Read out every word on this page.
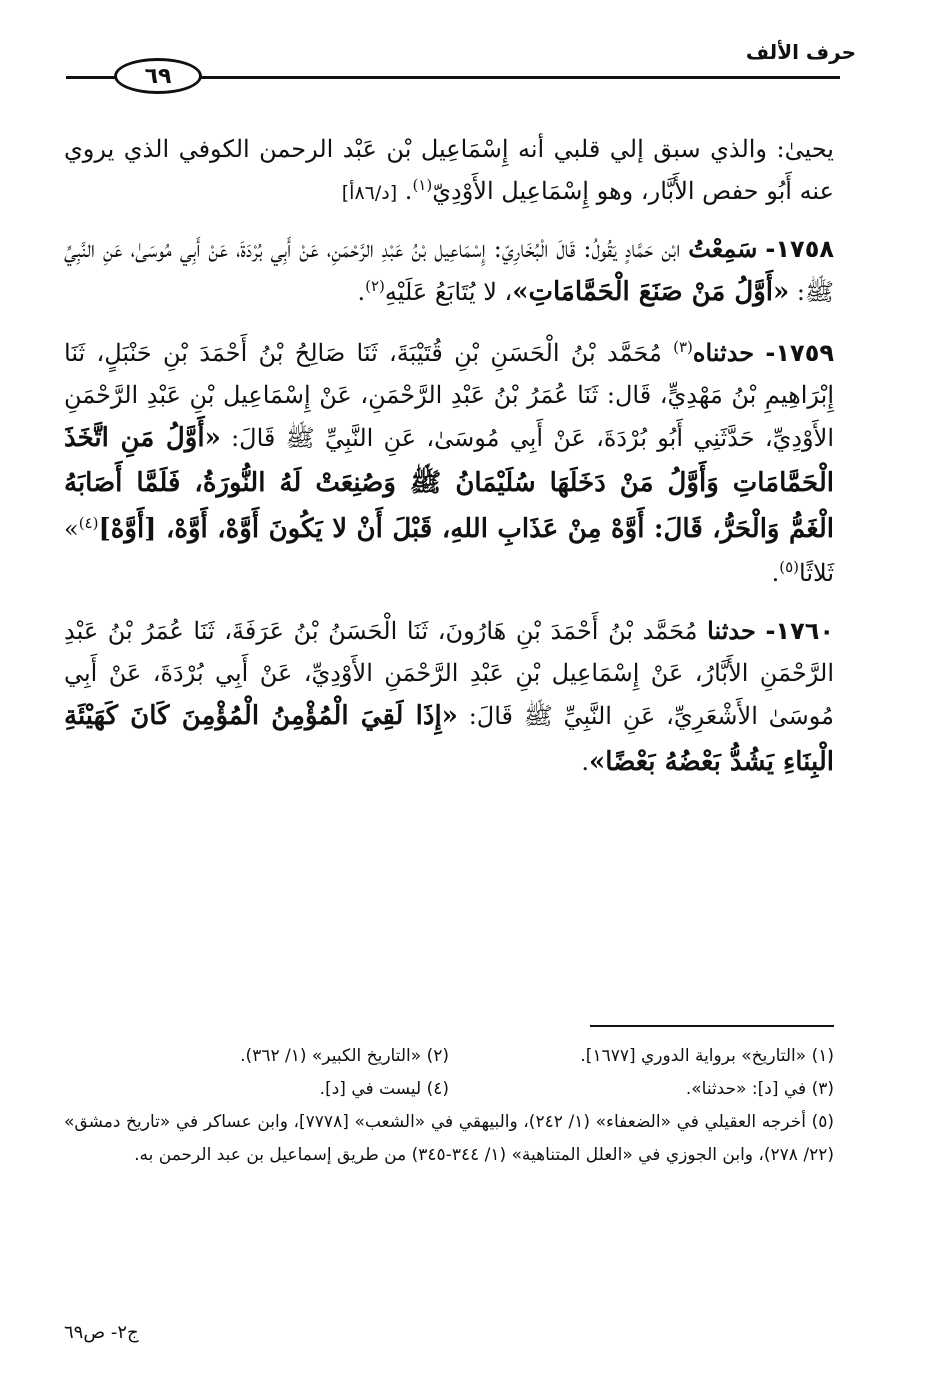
حرف الألف
٦٩

يحيىٰ: والذي سبق إلي قلبي أنه إِسْمَاعِيل بْن عَبْد الرحمن الكوفي الذي يروي عنه أَبُو حفص الأَبَّار، وهو إِسْمَاعِيل الأَوْدِيّ$^{(١)}$. [د/٨٦أ]

١٧٥٨- سَمِعْتُ ابْن حَمَّادٍ يَقُولُ: قَالَ الْبُخَارِيّ: إِسْمَاعِيل بْنُ عَبْدِ الرَّحْمَنِ، عَنْ أَبِي بُرْدَةَ، عَنْ أَبِي مُوسَىٰ، عَنِ النَّبِيِّ ﷺ: «أَوَّلُ مَنْ صَنَعَ الْحَمَّامَاتِ»، لا يُتَابَعُ عَلَيْهِ$^{(٢)}$.

١٧٥٩- حدثناه$^{(٣)}$ مُحَمَّد بْنُ الْحَسَنِ بْنِ قُتَيْبَةَ، ثَنَا صَالِحُ بْنُ أَحْمَدَ بْنِ حَنْبَلٍ، ثَنَا إِبْرَاهِيمِ بْنُ مَهْدِيٍّ، قَال: ثَنَا عُمَرُ بْنُ عَبْدِ الرَّحْمَنِ، عَنْ إِسْمَاعِيل بْنِ عَبْدِ الرَّحْمَنِ الأَوْدِيِّ، حَدَّثَنِي أَبُو بُرْدَةَ، عَنْ أَبِي مُوسَىٰ، عَنِ النَّبِيِّ ﷺ قَالَ: «أَوَّلُ مَنِ اتَّخَذَ الْحَمَّامَاتِ وَأَوَّلُ مَنْ دَخَلَهَا سُلَيْمَانُ ﷺ وَصُنِعَتْ لَهُ النُّورَةُ، فَلَمَّا أَصَابَهُ الْغَمُّ وَالْحَرُّ، قَالَ: أَوَّهْ مِنْ عَذَابِ اللهِ، قَبْلَ أَنْ لا يَكُونَ أَوَّهْ، أَوَّهْ، [أَوَّهْ]$^{(٤)}$» ثَلاثًا$^{(٥)}$.

١٧٦٠- حدثنا مُحَمَّد بْنُ أَحْمَدَ بْنِ هَارُونَ، ثَنَا الْحَسَنُ بْنُ عَرَفَةَ، ثَنَا عُمَرُ بْنُ عَبْدِ الرَّحْمَنِ الأَبَّارُ، عَنْ إِسْمَاعِيل بْنِ عَبْدِ الرَّحْمَنِ الأَوْدِيِّ، عَنْ أَبِي بُرْدَةَ، عَنْ أَبِي مُوسَىٰ الأَشْعَرِيِّ، عَنِ النَّبِيِّ ﷺ قَالَ: «إِذَا لَقِيَ الْمُؤْمِنُ الْمُؤْمِنَ كَانَ كَهَيْئَةِ الْبِنَاءِ يَشُدُّ بَعْضُهُ بَعْضًا».

(١) «التاريخ» برواية الدوري [١٦٧٧].
(٢) «التاريخ الكبير» (١/ ٣٦٢).
(٣) في [د]: «حدثنا».
(٤) ليست في [د].
(٥) أخرجه العقيلي في «الضعفاء» (١/ ٢٤٢)، والبيهقي في «الشعب» [٧٧٧٨]، وابن عساكر في «تاريخ دمشق» (٢٢/ ٢٧٨)، وابن الجوزي في «العلل المتناهية» (١/ ٣٤٤-٣٤٥) من طريق إسماعيل بن عبد الرحمن به.
ج٢- ص٦٩
